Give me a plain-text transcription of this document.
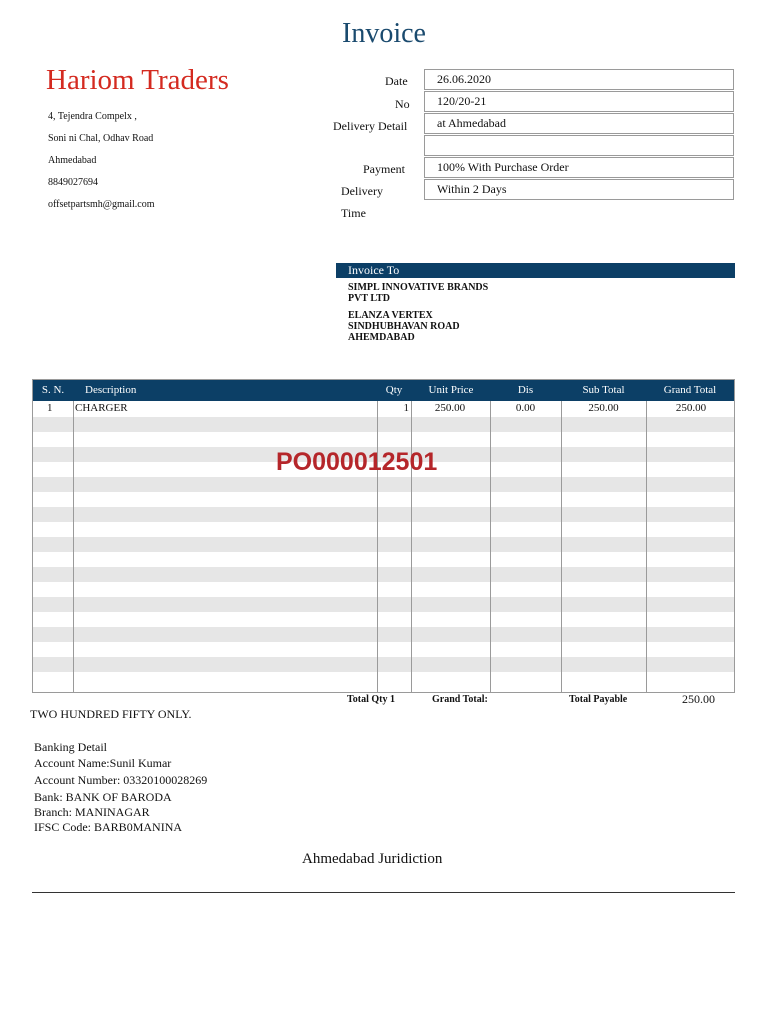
Invoice
Hariom Traders
4, Tejendra Compelx ,
Soni ni Chal, Odhav Road
Ahmedabad
8849027694
offsetpartsmh@gmail.com
Date	26.06.2020
No	120/20-21
Delivery Detail	at Ahmedabad
Payment	100% With Purchase Order
Delivery	Within 2 Days
Time
Invoice To
SIMPL INNOVATIVE BRANDS
PVT LTD
ELANZA VERTEX
SINDHUBHAVAN ROAD
AHEMDABAD
S. N.	Description	Qty	Unit Price	Dis	Sub Total	Grand Total
1 CHARGER	1	250.00	0.00	250.00	250.00
PO000012501
Total Qty 1	Grand Total:	Total Payable	250.00
TWO HUNDRED FIFTY ONLY.
Banking Detail
Account Name:Sunil Kumar
Account Number: 03320100028269
Bank: BANK OF BARODA
Branch: MANINAGAR
IFSC Code: BARB0MANINA
Ahmedabad Juridiction
